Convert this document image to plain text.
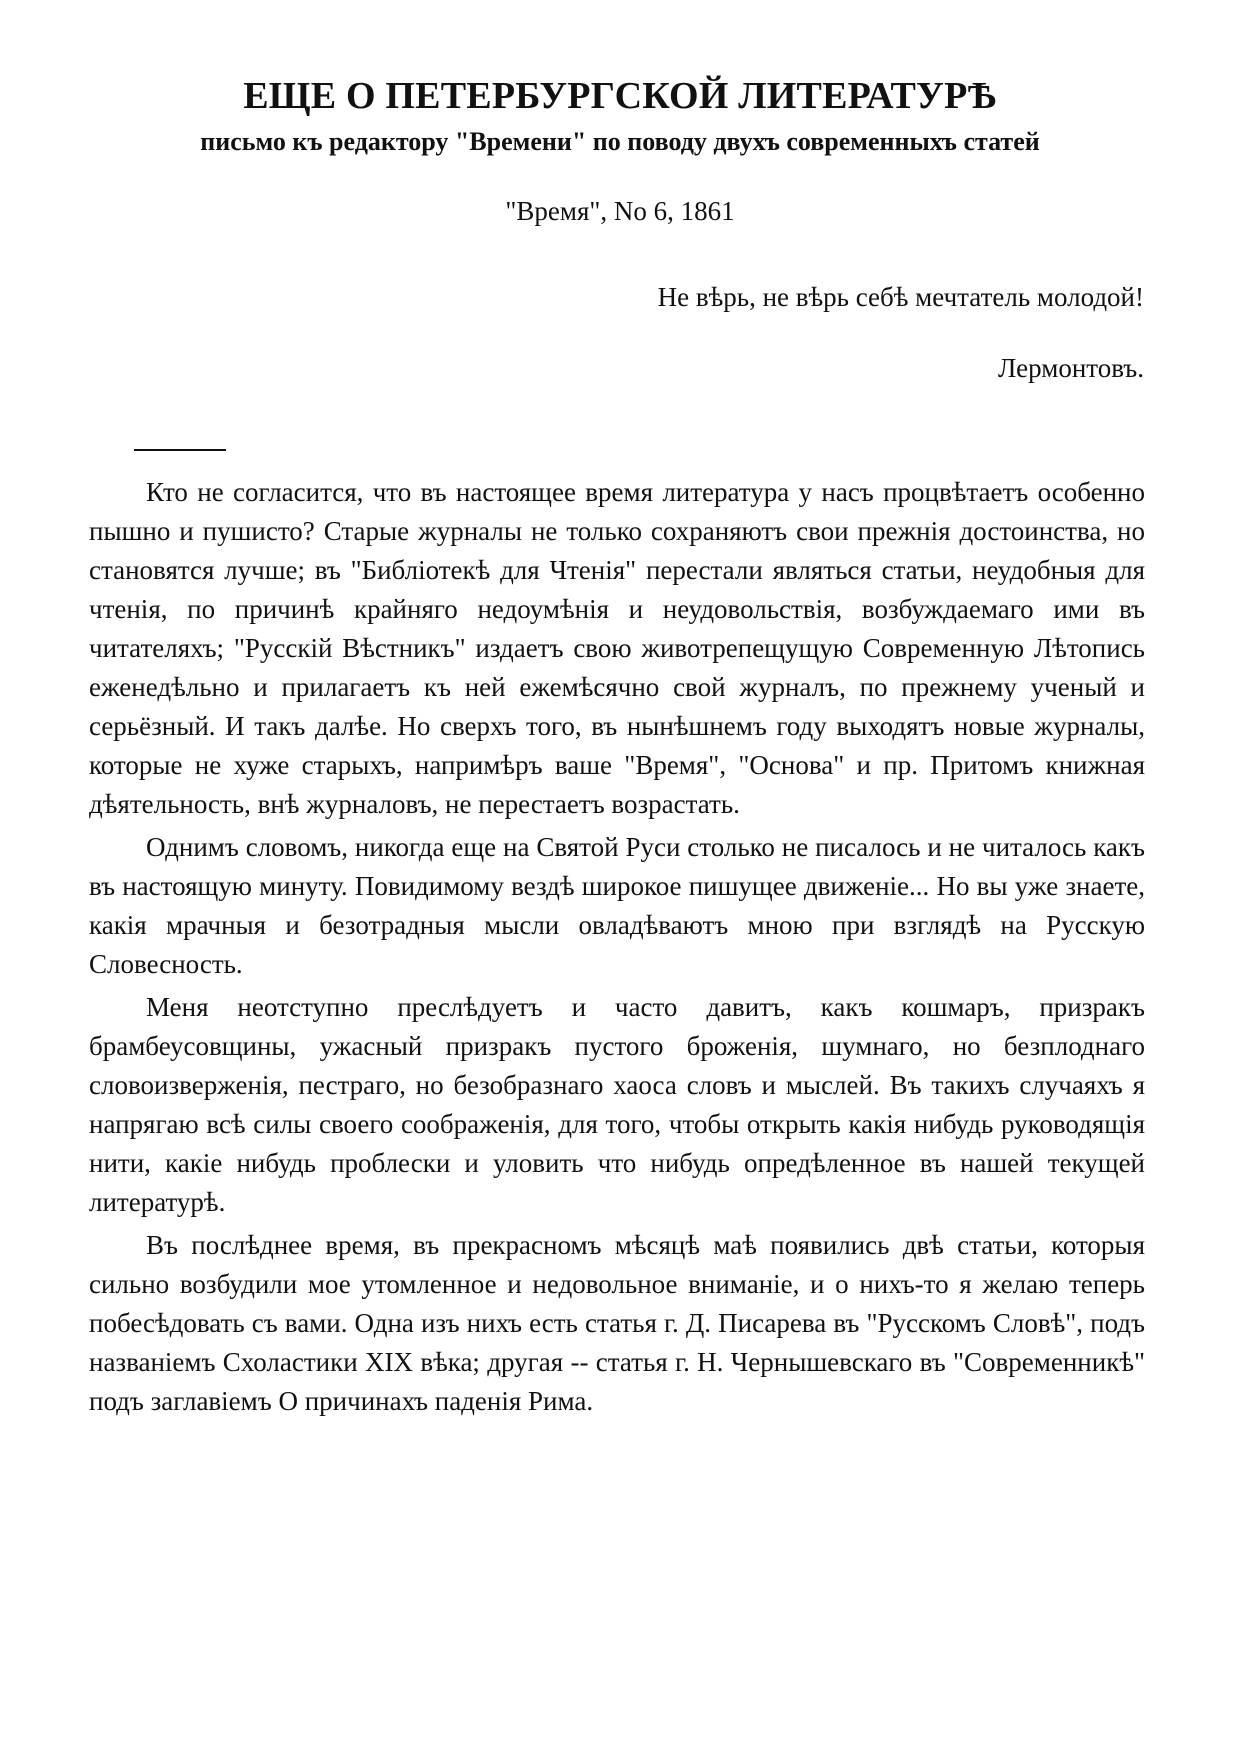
ЕЩЕ О ПЕТЕРБУРГСКОЙ ЛИТЕРАТУРѢ
письмо къ редактору "Времени" по поводу двухъ современныхъ статей
"Время", No 6, 1861
Не вѣрь, не вѣрь себѣ мечтатель молодой!
Лермонтовъ.

Кто не согласится, что въ настоящее время литература у насъ процвѣтаетъ особенно пышно и пушисто? Старые журналы не только сохраняютъ свои прежнія достоинства, но становятся лучше; въ "Библіотекѣ для Чтенія" перестали являться статьи, неудобныя для чтенія, по причинѣ крайняго недоумѣнія и неудовольствія, возбуждаемаго ими въ читателяхъ; "Русскій Вѣстникъ" издаетъ свою животрепещущую Современную Лѣтопись еженедѣльно и прилагаетъ къ ней ежемѣсячно свой журналъ, по прежнему ученый и серьёзный. И такъ далѣе. Но сверхъ того, въ нынѣшнемъ году выходятъ новые журналы, которые не хуже старыхъ, напримѣръ ваше "Время", "Основа" и пр. Притомъ книжная дѣятельность, внѣ журналовъ, не перестаетъ возрастать.

Однимъ словомъ, никогда еще на Святой Руси столько не писалось и не читалось какъ въ настоящую минуту. Повидимому вездѣ широкое пишущее движеніе... Но вы уже знаете, какія мрачныя и безотрадныя мысли овладѣваютъ мною при взглядѣ на Русскую Словесность.

Меня неотступно преслѣдуетъ и часто давитъ, какъ кошмаръ, призракъ брамбеусовщины, ужасный призракъ пустого броженія, шумнаго, но безплоднаго словоизверженія, пестраго, но безобразнаго хаоса словъ и мыслей. Въ такихъ случаяхъ я напрягаю всѣ силы своего соображенія, для того, чтобы открыть какія нибудь руководящія нити, какіе нибудь проблески и уловить что нибудь опредѣленное въ нашей текущей литературѣ.

Въ послѣднее время, въ прекрасномъ мѣсяцѣ маѣ появились двѣ статьи, которыя сильно возбудили мое утомленное и недовольное вниманіе, и о нихъ-то я желаю теперь побесѣдовать съ вами. Одна изъ нихъ есть статья г. Д. Писарева въ "Русскомъ Словѣ", подъ названіемъ Схоластики XIX вѣка; другая -- статья г. Н. Чернышевскаго въ "Современникѣ" подъ заглавіемъ О причинахъ паденія Рима.
